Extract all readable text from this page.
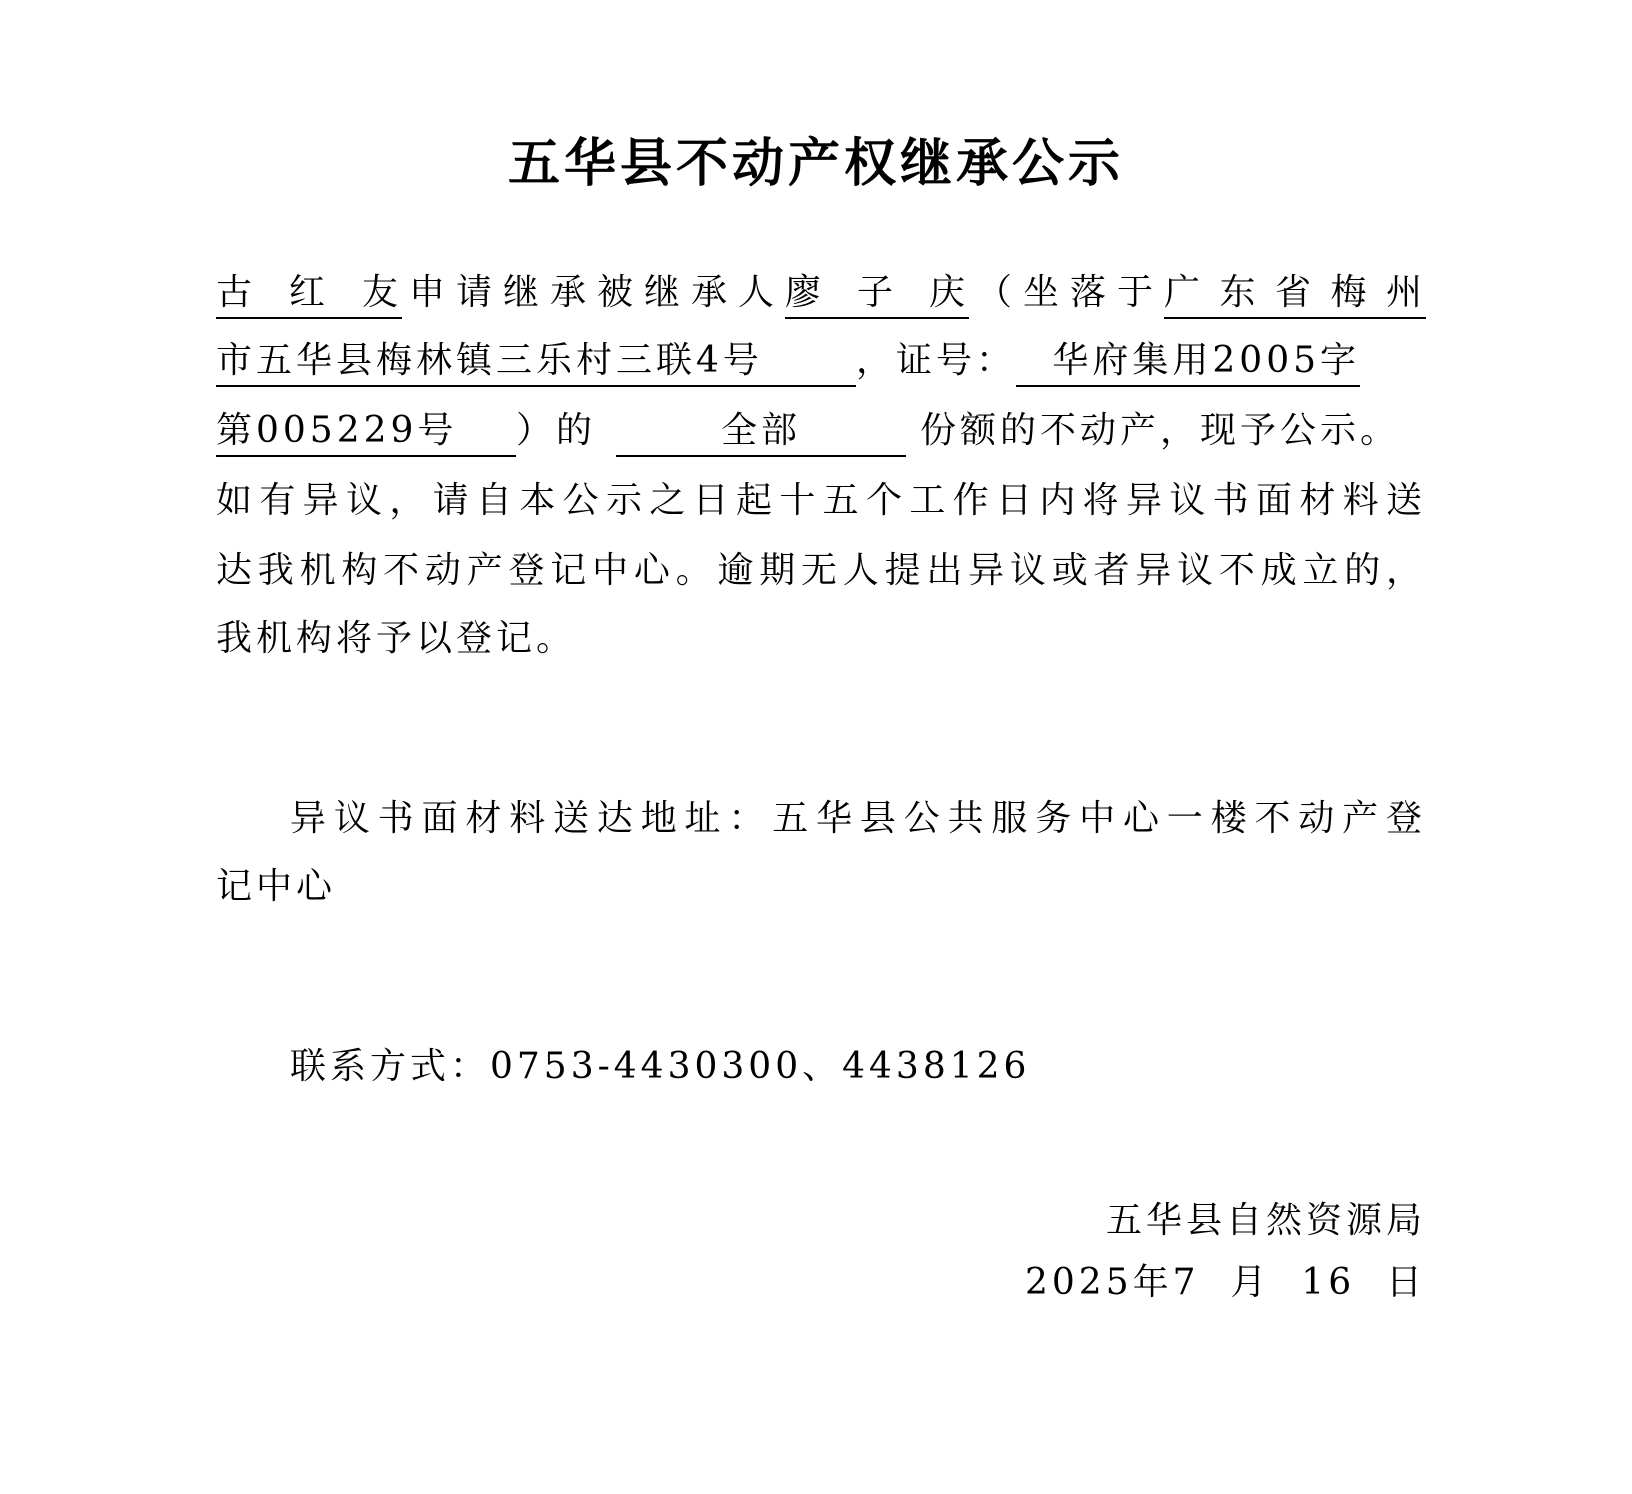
五华县不动产权继承公示
古红友申请继承被继承人廖子庆（坐落于广东省梅州
市五华县梅林镇三乐村三联4号	，证号： 华府集用2005字
第005229号 ）的	全部	份额的不动产，现予公示。
如有异议，请自本公示之日起十五个工作日内将异议书面材料送
达我机构不动产登记中心。逾期无人提出异议或者异议不成立的，
我机构将予以登记。
异议书面材料送达地址：五华县公共服务中心一楼不动产登
记中心
联系方式：0753-4430300、4438126
五华县自然资源局
2025年7  月  16  日
